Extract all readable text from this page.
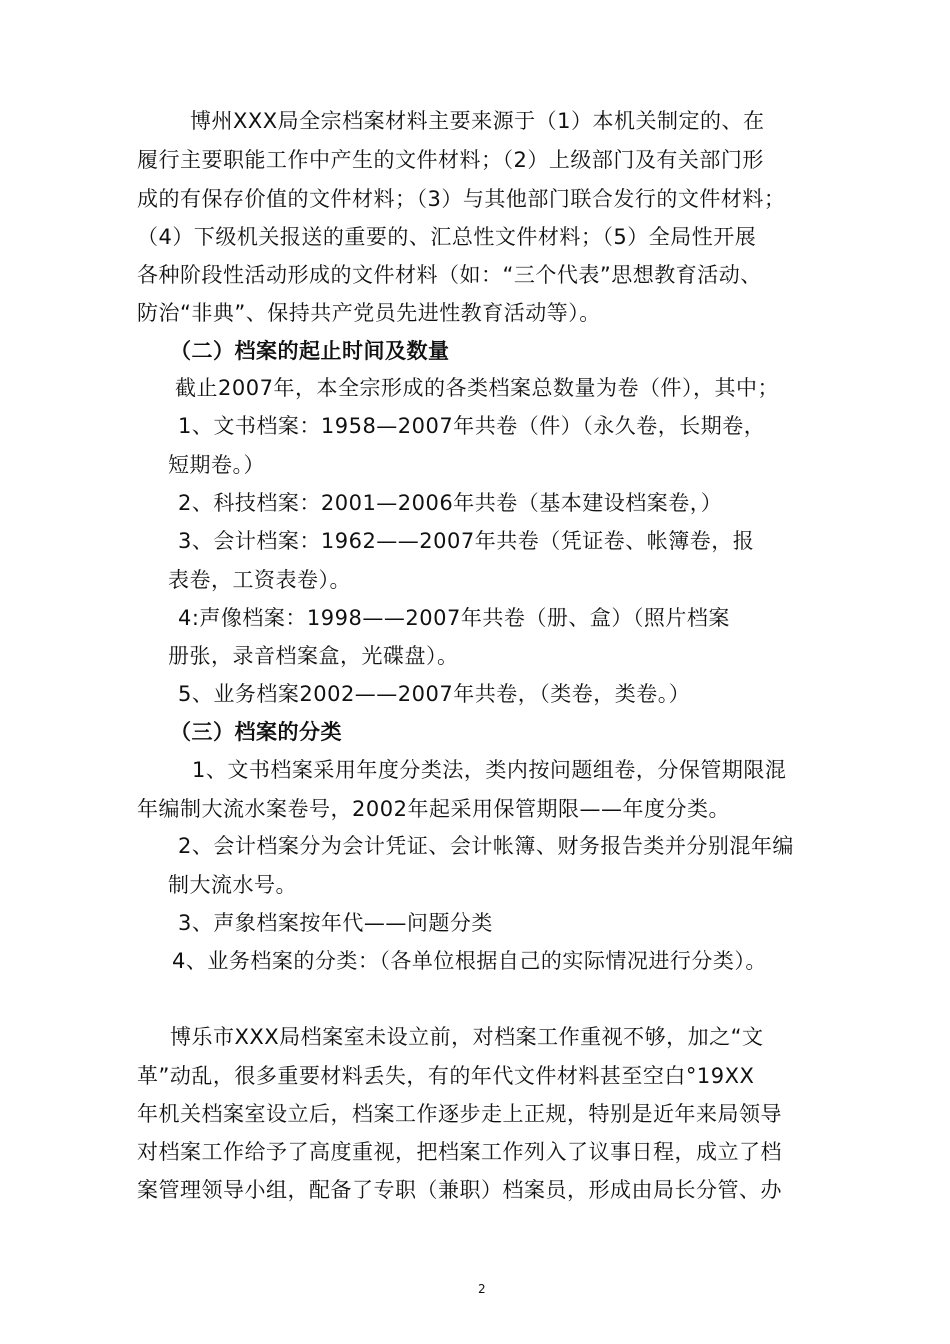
博州XXX局全宗档案材料主要来源于（1）本机关制定的、在
履行主要职能工作中产生的文件材料；（2）上级部门及有关部门形
成的有保存价值的文件材料；（3）与其他部门联合发行的文件材料；
（4）下级机关报送的重要的、汇总性文件材料；（5）全局性开展
各种阶段性活动形成的文件材料（如：“三个代表”思想教育活动、
防治“非典”、保持共产党员先进性教育活动等）。
（二）档案的起止时间及数量
截止2007年，本全宗形成的各类档案总数量为卷（件），其中；
1、文书档案：1958—2007年共卷（件）（永久卷，长期卷，
短期卷。）
2、科技档案：2001—2006年共卷（基本建设档案卷，）
3、会计档案：1962——2007年共卷（凭证卷、帐簿卷，报
表卷，工资表卷）。
4:声像档案：1998——2007年共卷（册、盒）（照片档案
册张，录音档案盒，光碟盘）。
5、业务档案2002——2007年共卷，（类卷，类卷。）
（三）档案的分类
1、文书档案采用年度分类法，类内按问题组卷，分保管期限混
年编制大流水案卷号，2002年起采用保管期限——年度分类。
2、会计档案分为会计凭证、会计帐簿、财务报告类并分别混年编
制大流水号。
3、声象档案按年代——问题分类
4、业务档案的分类：（各单位根据自己的实际情况进行分类）。
博乐市XXX局档案室未设立前，对档案工作重视不够，加之“文
革”动乱，很多重要材料丢失，有的年代文件材料甚至空白°19XX
年机关档案室设立后，档案工作逐步走上正规，特别是近年来局领导
对档案工作给予了高度重视，把档案工作列入了议事日程，成立了档
案管理领导小组，配备了专职（兼职）档案员，形成由局长分管、办
2
